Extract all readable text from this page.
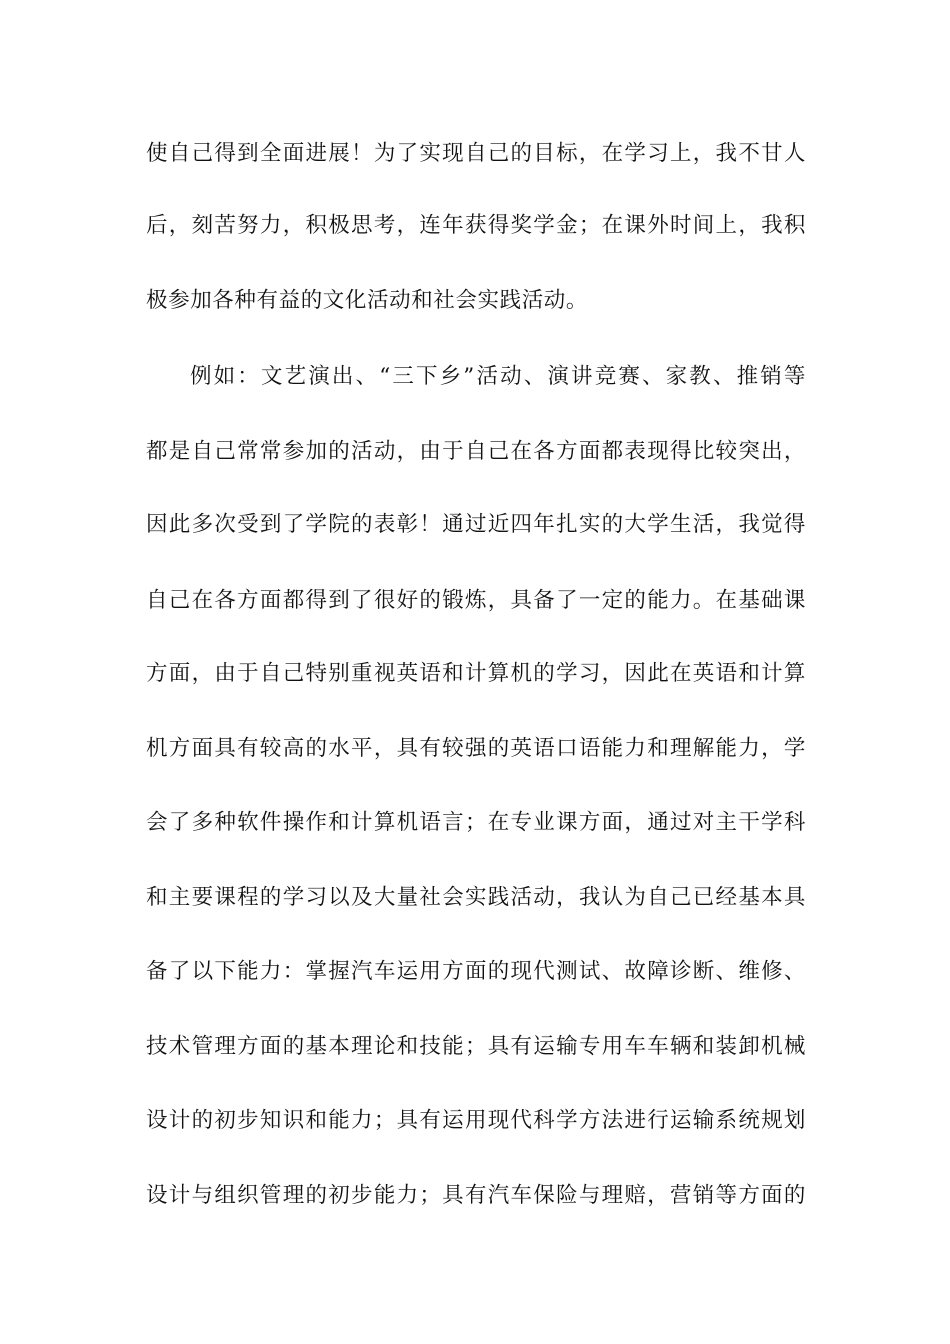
使自己得到全面进展！为了实现自己的目标，在学习上，我不甘人
后，刻苦努力，积极思考，连年获得奖学金；在课外时间上，我积
极参加各种有益的文化活动和社会实践活动。
例如：文艺演出、“三下乡”活动、演讲竞赛、家教、推销等
都是自己常常参加的活动，由于自己在各方面都表现得比较突出，
因此多次受到了学院的表彰！通过近四年扎实的大学生活，我觉得
自己在各方面都得到了很好的锻炼，具备了一定的能力。在基础课
方面，由于自己特别重视英语和计算机的学习，因此在英语和计算
机方面具有较高的水平，具有较强的英语口语能力和理解能力，学
会了多种软件操作和计算机语言；在专业课方面，通过对主干学科
和主要课程的学习以及大量社会实践活动，我认为自己已经基本具
备了以下能力：掌握汽车运用方面的现代测试、故障诊断、维修、
技术管理方面的基本理论和技能；具有运输专用车车辆和装卸机械
设计的初步知识和能力；具有运用现代科学方法进行运输系统规划
设计与组织管理的初步能力；具有汽车保险与理赔，营销等方面的
